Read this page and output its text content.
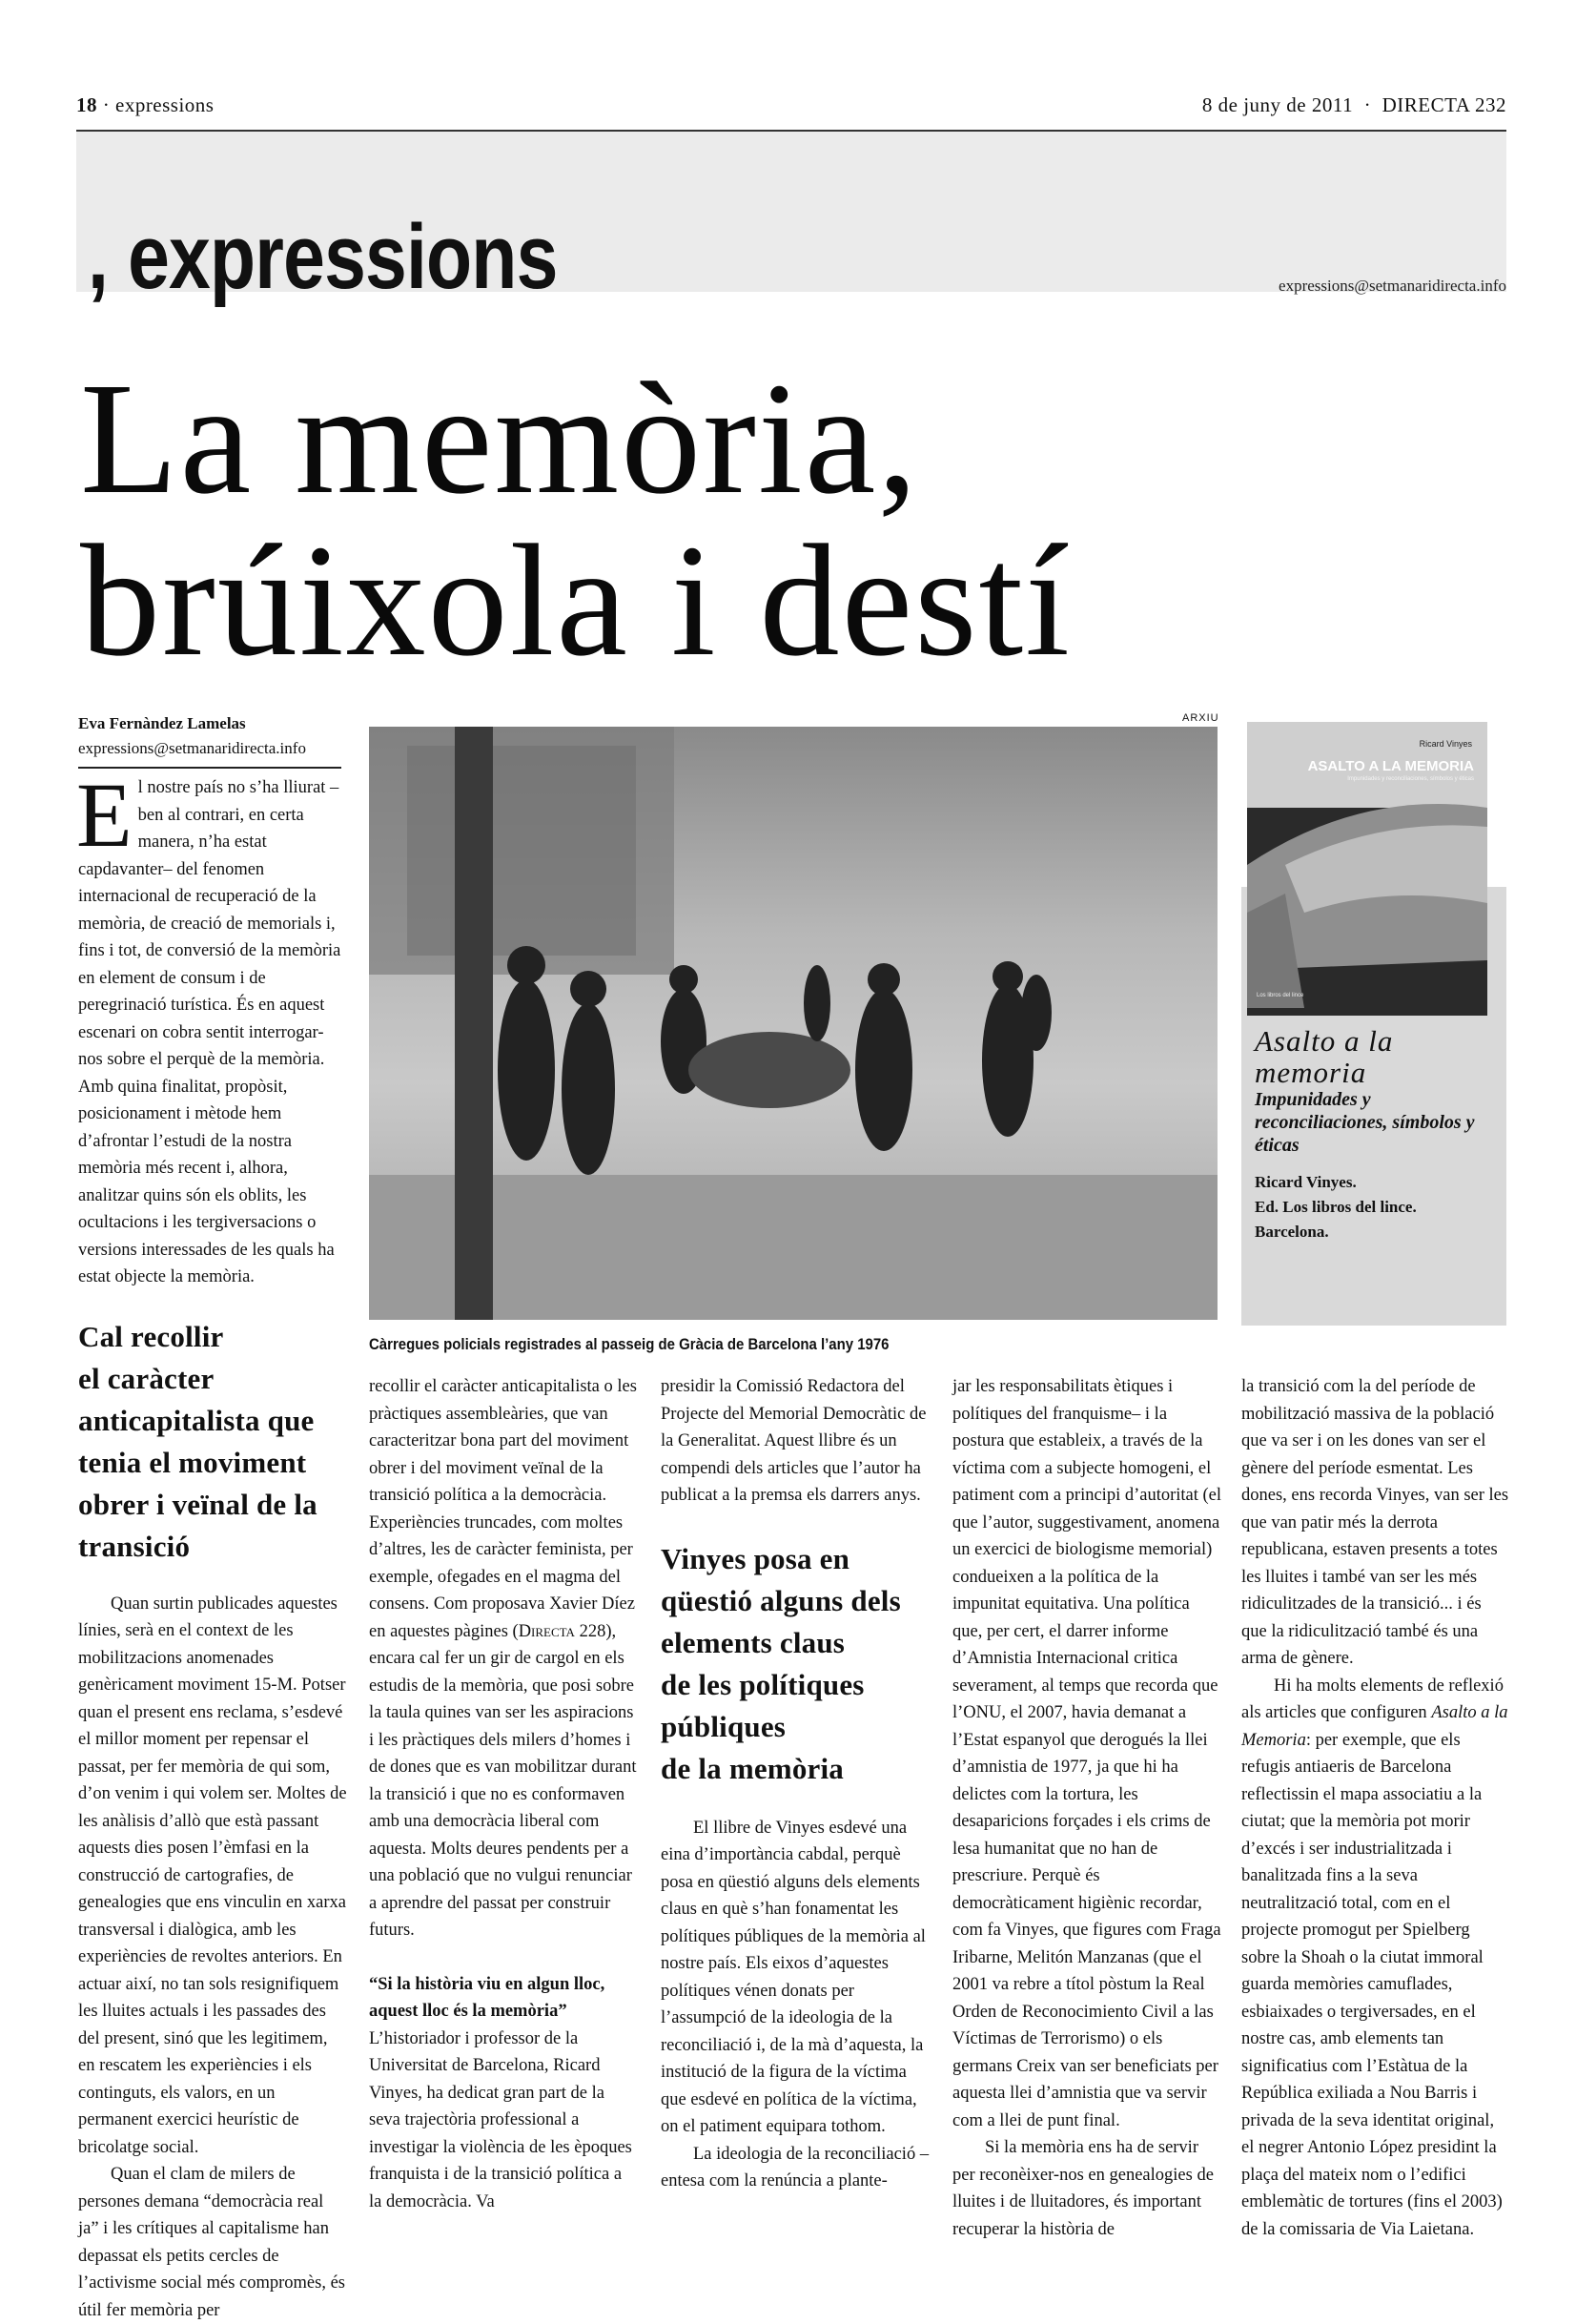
18 · expressions	8 de juny de 2011 · DIRECTA 232
, expressions	expressions@setmanaridirecta.info
La memòria,
brúixola i destí
Eva Fernàndez Lamelas
expressions@setmanaridirecta.info
ARXIU
Càrregues policials registrades al passeig de Gràcia de Barcelona l’any 1976
Ricard Vinyes
ASALTO A LA MEMORIA
Impunidades y reconciliaciones, símbolos y éticas
Los libros del lince
Asalto a la memoria
Impunidades y reconciliaciones, símbolos y éticas
Ricard Vinyes.
Ed. Los libros del lince.
Barcelona.

El nostre país no s’ha lliurat –ben al contrari, en certa manera, n’ha estat capdavanter– del fenomen internacional de recuperació de la memòria, de creació de memorials i, fins i tot, de conversió de la memòria en element de consum i de peregrinació turística. És en aquest escenari on cobra sentit interrogar-nos sobre el perquè de la memòria. Amb quina finalitat, propòsit, posicionament i mètode hem d’afrontar l’estudi de la nostra memòria més recent i, alhora, analitzar quins són els oblits, les ocultacions i les tergiversacions o versions interessades de les quals ha estat objecte la memòria.

Cal recollir
el caràcter
anticapitalista que
tenia el moviment
obrer i veïnal de la
transició

Quan surtin publicades aquestes línies, serà en el context de les mobilitzacions anomenades genèricament moviment 15-M. Potser quan el present ens reclama, s’esdevé el millor moment per repensar el passat, per fer memòria de qui som, d’on venim i qui volem ser. Moltes de les anàlisis d’allò que està passant aquests dies posen l’èmfasi en la construcció de cartografies, de genealogies que ens vinculin en xarxa transversal i dialògica, amb les experiències de revoltes anteriors. En actuar així, no tan sols resignifiquem les lluites actuals i les passades des del present, sinó que les legitimem, en rescatem les experiències i els continguts, els valors, en un permanent exercici heurístic de bricolatge social.

Quan el clam de milers de persones demana “democràcia real ja” i les crítiques al capitalisme han depassat els petits cercles de l’activisme social més compromès, és útil fer memòria per

recollir el caràcter anticapitalista o les pràctiques assembleàries, que van caracteritzar bona part del moviment obrer i del moviment veïnal de la transició política a la democràcia. Experiències truncades, com moltes d’altres, les de caràcter feminista, per exemple, ofegades en el magma del consens. Com proposava Xavier Díez en aquestes pàgines (Directa 228), encara cal fer un gir de cargol en els estudis de la memòria, que posi sobre la taula quines van ser les aspiracions i les pràctiques dels milers d’homes i de dones que es van mobilitzar durant la transició i que no es conformaven amb una democràcia liberal com aquesta. Molts deures pendents per a una població que no vulgui renunciar a aprendre del passat per construir futurs.

“Si la història viu en algun lloc, aquest lloc és la memòria”

L’historiador i professor de la Universitat de Barcelona, Ricard Vinyes, ha dedicat gran part de la seva trajectòria professional a investigar la violència de les èpoques franquista i de la transició política a la democràcia. Va

presidir la Comissió Redactora del Projecte del Memorial Democràtic de la Generalitat. Aquest llibre és un compendi dels articles que l’autor ha publicat a la premsa els darrers anys.

Vinyes posa en
qüestió alguns dels
elements claus
de les polítiques
públiques
de la memòria

El llibre de Vinyes esdevé una eina d’importància cabdal, perquè posa en qüestió alguns dels elements claus en què s’han fonamentat les polítiques públiques de la memòria al nostre país. Els eixos d’aquestes polítiques vénen donats per l’assumpció de la ideologia de la reconciliació i, de la mà d’aquesta, la institució de la figura de la víctima que esdevé en política de la víctima, on el patiment equipara tothom.

La ideologia de la reconciliació –entesa com la renúncia a plante-

jar les responsabilitats ètiques i polítiques del franquisme– i la postura que estableix, a través de la víctima com a subjecte homogeni, el patiment com a principi d’autoritat (el que l’autor, suggestivament, anomena un exercici de biologisme memorial) condueixen a la política de la impunitat equitativa. Una política que, per cert, el darrer informe d’Amnistia Internacional critica severament, al temps que recorda que l’ONU, el 2007, havia demanat a l’Estat espanyol que derogués la llei d’amnistia de 1977, ja que hi ha delictes com la tortura, les desaparicions forçades i els crims de lesa humanitat que no han de prescriure. Perquè és democràticament higiènic recordar, com fa Vinyes, que figures com Fraga Iribarne, Melitón Manzanas (que el 2001 va rebre a títol pòstum la Real Orden de Reconocimiento Civil a las Víctimas de Terrorismo) o els germans Creix van ser beneficiats per aquesta llei d’amnistia que va servir com a llei de punt final.

Si la memòria ens ha de servir per reconèixer-nos en genealogies de lluites i de lluitadores, és important recuperar la història de

la transició com la del període de mobilització massiva de la població que va ser i on les dones van ser el gènere del període esmentat. Les dones, ens recorda Vinyes, van ser les que van patir més la derrota republicana, estaven presents a totes les lluites i també van ser les més ridiculitzades de la transició... i és que la ridiculització també és una arma de gènere.

Hi ha molts elements de reflexió als articles que configuren Asalto a la Memoria: per exemple, que els refugis antiaeris de Barcelona reflectissin el mapa associatiu a la ciutat; que la memòria pot morir d’excés i ser industrialitzada i banalitzada fins a la seva neutralització total, com en el projecte promogut per Spielberg sobre la Shoah o la ciutat immoral guarda memòries camuflades, esbiaixades o tergiversades, en el nostre cas, amb elements tan significatius com l’Estàtua de la República exiliada a Nou Barris i privada de la seva identitat original, el negrer Antonio López presidint la plaça del mateix nom o l’edifici emblemàtic de tortures (fins el 2003) de la comissaria de Via Laietana.
